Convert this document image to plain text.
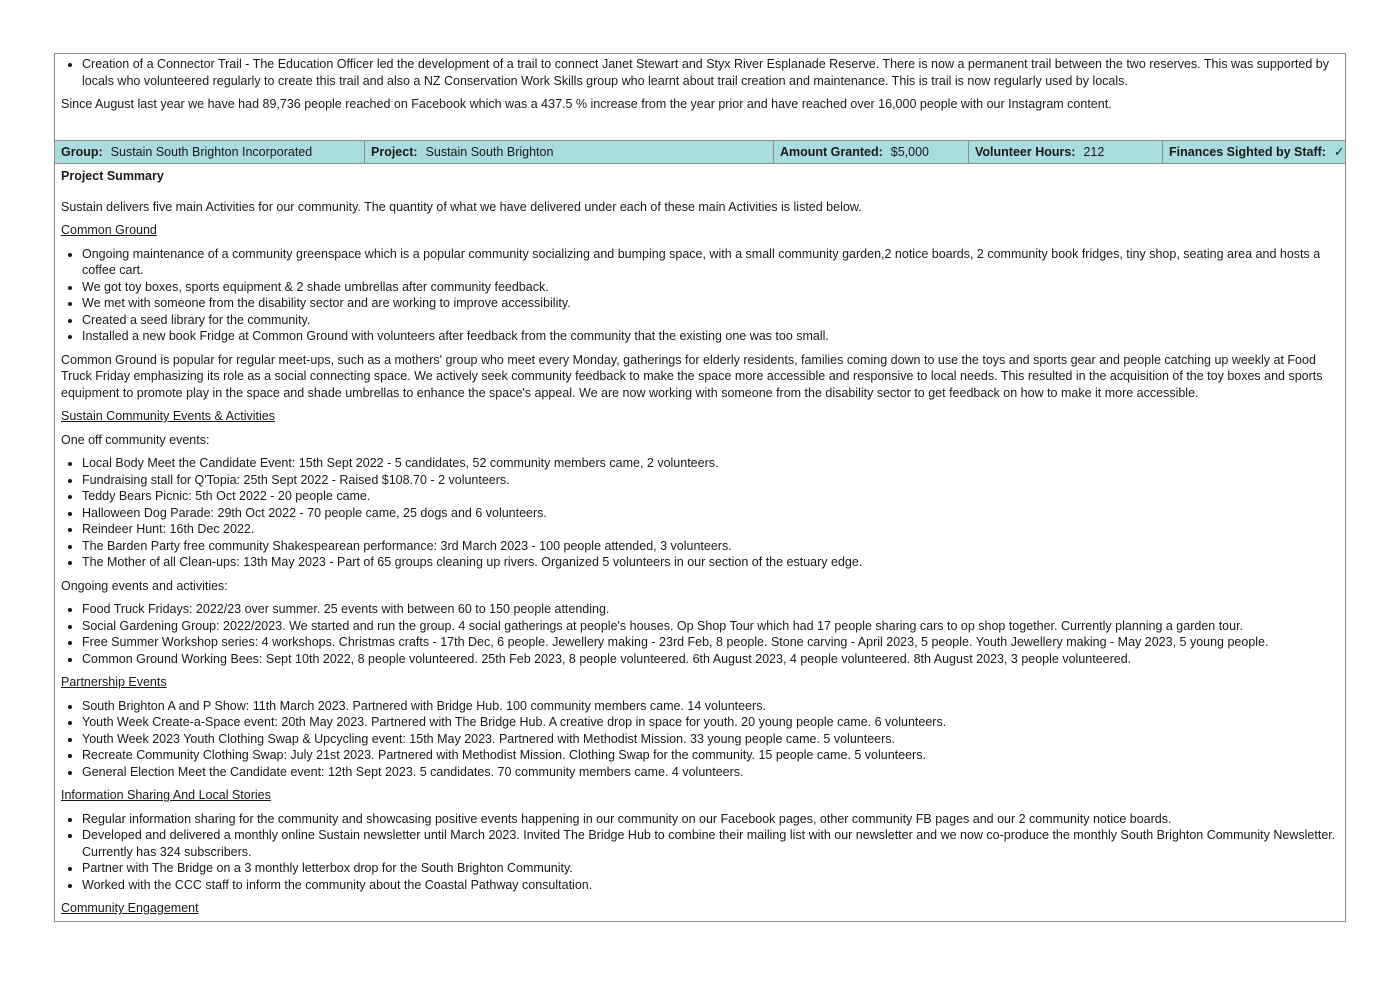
• Creation of a Connector Trail - The Education Officer led the development of a trail to connect Janet Stewart and Styx River Esplanade Reserve. There is now a permanent trail between the two reserves. This was supported by locals who volunteered regularly to create this trail and also a NZ Conservation Work Skills group who learnt about trail creation and maintenance. This is trail is now regularly used by locals.

Since August last year we have had 89,736 people reached on Facebook which was a 437.5 % increase from the year prior and have reached over 16,000 people with our Instagram content.

Group: Sustain South Brighton Incorporated	Project: Sustain South Brighton	Amount Granted: $5,000	Volunteer Hours: 212	Finances Sighted by Staff: ✓

Project Summary

Sustain delivers five main Activities for our community. The quantity of what we have delivered under each of these main Activities is listed below.

Common Ground

• Ongoing maintenance of a community greenspace which is a popular community socializing and bumping space, with a small community garden,2 notice boards, 2 community book fridges, tiny shop, seating area and hosts a coffee cart.
• We got toy boxes, sports equipment & 2 shade umbrellas after community feedback.
• We met with someone from the disability sector and are working to improve accessibility.
• Created a seed library for the community.
• Installed a new book Fridge at Common Ground with volunteers after feedback from the community that the existing one was too small.

Common Ground is popular for regular meet-ups, such as a mothers' group who meet every Monday, gatherings for elderly residents, families coming down to use the toys and sports gear and people catching up weekly at Food Truck Friday emphasizing its role as a social connecting space. We actively seek community feedback to make the space more accessible and responsive to local needs. This resulted in the acquisition of the toy boxes and sports equipment to promote play in the space and shade umbrellas to enhance the space's appeal. We are now working with someone from the disability sector to get feedback on how to make it more accessible.

Sustain Community Events & Activities

One off community events:

• Local Body Meet the Candidate Event: 15th Sept 2022 - 5 candidates, 52 community members came, 2 volunteers.
• Fundraising stall for Q'Topia: 25th Sept 2022 - Raised $108.70 - 2 volunteers.
• Teddy Bears Picnic: 5th Oct 2022 - 20 people came.
• Halloween Dog Parade: 29th Oct 2022 - 70 people came, 25 dogs and 6 volunteers.
• Reindeer Hunt: 16th Dec 2022.
• The Barden Party free community Shakespearean performance: 3rd March 2023 - 100 people attended, 3 volunteers.
• The Mother of all Clean-ups: 13th May 2023 - Part of 65 groups cleaning up rivers. Organized 5 volunteers in our section of the estuary edge.

Ongoing events and activities:

• Food Truck Fridays: 2022/23 over summer. 25 events with between 60 to 150 people attending.
• Social Gardening Group: 2022/2023. We started and run the group. 4 social gatherings at people's houses. Op Shop Tour which had 17 people sharing cars to op shop together. Currently planning a garden tour.
• Free Summer Workshop series: 4 workshops. Christmas crafts - 17th Dec, 6 people. Jewellery making - 23rd Feb, 8 people. Stone carving - April 2023, 5 people. Youth Jewellery making - May 2023, 5 young people.
• Common Ground Working Bees: Sept 10th 2022, 8 people volunteered. 25th Feb 2023, 8 people volunteered. 6th August 2023, 4 people volunteered. 8th August 2023, 3 people volunteered.

Partnership Events

• South Brighton A and P Show: 11th March 2023. Partnered with Bridge Hub. 100 community members came. 14 volunteers.
• Youth Week Create-a-Space event: 20th May 2023. Partnered with The Bridge Hub. A creative drop in space for youth. 20 young people came. 6 volunteers.
• Youth Week 2023 Youth Clothing Swap & Upcycling event: 15th May 2023. Partnered with Methodist Mission. 33 young people came. 5 volunteers.
• Recreate Community Clothing Swap: July 21st 2023. Partnered with Methodist Mission. Clothing Swap for the community. 15 people came. 5 volunteers.
• General Election Meet the Candidate event: 12th Sept 2023. 5 candidates. 70 community members came. 4 volunteers.

Information Sharing And Local Stories

• Regular information sharing for the community and showcasing positive events happening in our community on our Facebook pages, other community FB pages and our 2 community notice boards.
• Developed and delivered a monthly online Sustain newsletter until March 2023. Invited The Bridge Hub to combine their mailing list with our newsletter and we now co-produce the monthly South Brighton Community Newsletter. Currently has 324 subscribers.
• Partner with The Bridge on a 3 monthly letterbox drop for the South Brighton Community.
• Worked with the CCC staff to inform the community about the Coastal Pathway consultation.

Community Engagement
